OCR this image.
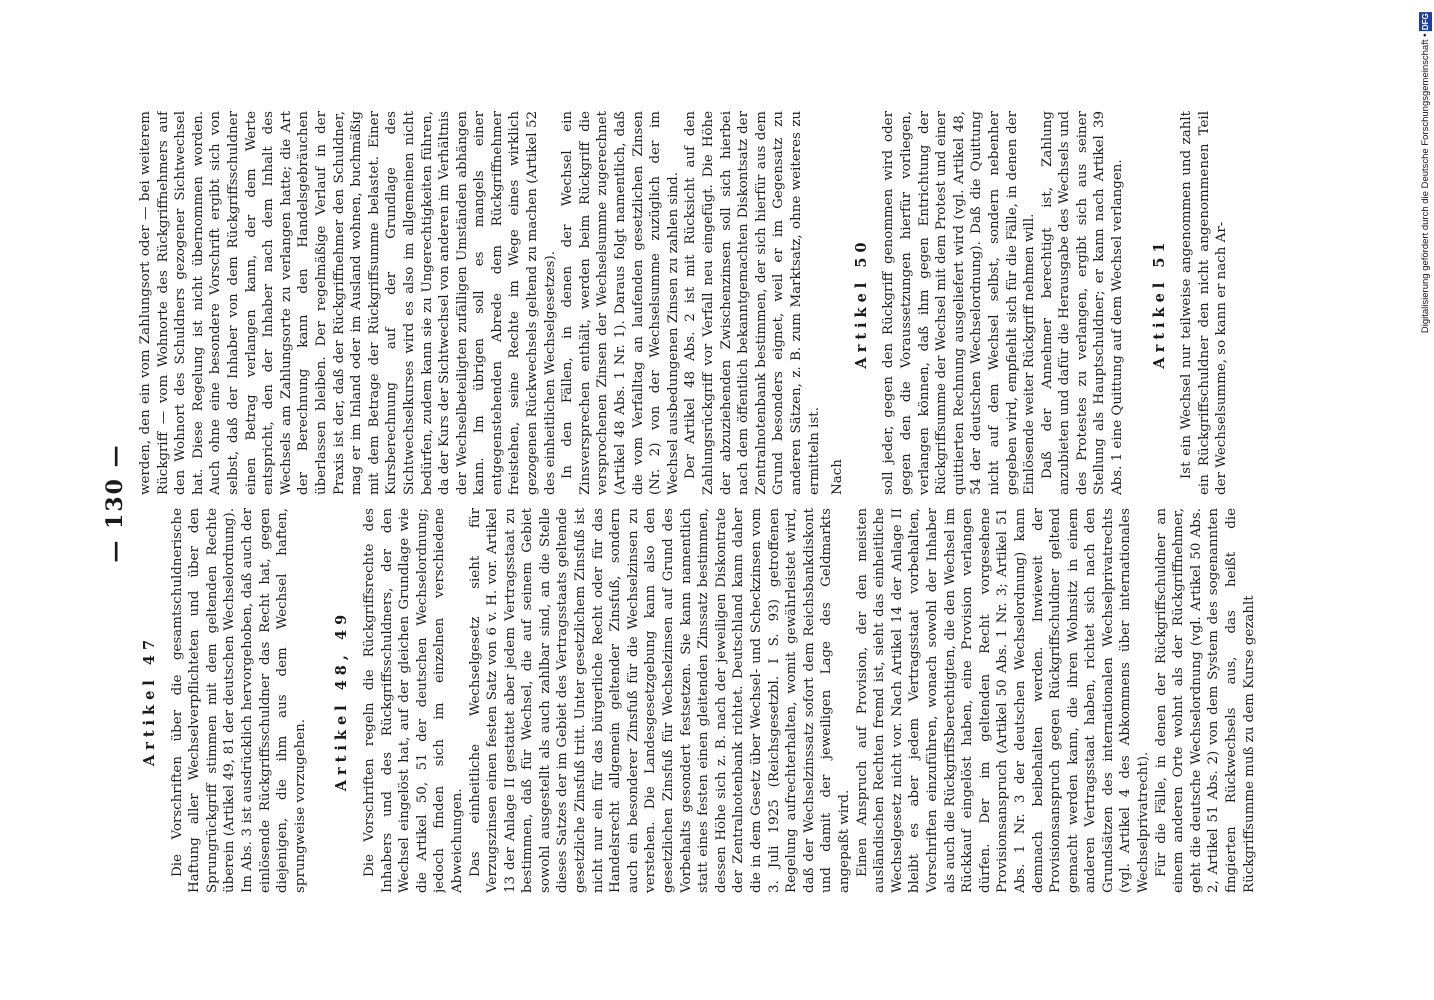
— 130 —
Artikel 47 Die Vorschriften über die gesamtschuldnerische Haftung aller Wechselverpflichteten und über den Sprungrückgriff stimmen mit dem geltenden Rechte überein (Artikel 49, 81 der deutschen Wechselordnung). Im Abs. 3 ist ausdrücklich hervorgehoben, daß auch der einlösende Rückgriffsschuldner das Recht hat, gegen diejenigen, die ihm aus dem Wechsel haften, sprungweise vorzugehen.

Artikel 48, 49 Die Vorschriften regeln die Rückgriffsrechte des Inhabers und des Rückgriffsschuldners, der den Wechsel eingelöst hat, auf der gleichen Grundlage wie die Artikel 50, 51 der deutschen Wechselordnung; jedoch finden sich im einzelnen verschiedene Abweichungen. Das einheitliche Wechselgesetz sieht für Verzugszinsen einen festen Satz von 6 v. H. vor. Artikel 13 der Anlage II gestattet aber jedem Vertragsstaat zu bestimmen, daß für Wechsel, die auf seinem Gebiet sowohl ausgestellt als auch zahlbar sind, an die Stelle dieses Satzes der im Gebiet des Vertragsstaats geltende gesetzliche Zinsfuß tritt. Unter gesetzlichem Zinsfuß ist nicht nur ein für das bürgerliche Recht oder für das Handelsrecht allgemein geltender Zinsfuß, sondern auch ein besonderer Zinsfuß für die Wechselzinsen zu verstehen. Die Landesgesetzgebung kann also den gesetzlichen Zinsfuß für Wechselzinsen auf Grund des Vorbehalts gesondert festsetzen. Sie kann namentlich statt eines festen einen gleitenden Zinssatz bestimmen, dessen Höhe sich z. B. nach der jeweiligen Diskontrate der Zentralnotenbank richtet. Deutschland kann daher die in dem Gesetz über Wechsel- und Scheckzinsen vom 3. Juli 1925 (Reichsgesetzbl. I S. 93) getroffenen Regelung aufrechterhalten, womit gewährleistet wird, daß der Wechselzinssatz sofort dem Reichsbankdiskont und damit der jeweiligen Lage des Geldmarkts angepaßt wird. Einen Anspruch auf Provision, der den meisten ausländischen Rechten fremd ist, sieht das einheitliche Wechselgesetz nicht vor. Nach Artikel 14 der Anlage II bleibt es aber jedem Vertragsstaat vorbehalten, Vorschriften einzuführen, wonach sowohl der Inhaber als auch die Rückgriffsberechtigten, die den Wechsel im Rückkauf eingelöst haben, eine Provision verlangen dürfen. Der im geltenden Recht vorgesehene Provisionsanspruch (Artikel 50 Abs. 1 Nr. 3; Artikel 51 Abs. 1 Nr. 3 der deutschen Wechselordnung) kann demnach beibehalten werden. Inwieweit der Provisionsanspruch gegen Rückgriffschuldner geltend gemacht werden kann, die ihren Wohnsitz in einem anderen Vertragsstaat haben, richtet sich nach den Grundsätzen des internationalen Wechselprivatrechts (vgl. Artikel 4 des Abkommens über internationales Wechselprivatrecht). Für die Fälle, in denen der Rückgriffschuldner an einem anderen Orte wohnt als der Rückgriffnehmer, geht die deutsche Wechselordnung (vgl. Artikel 50 Abs. 2, Artikel 51 Abs. 2) von dem System des sogenannten fingierten Rückwechsels aus, das heißt die Rückgriffsumme muß zu dem Kurse gezahlt

werden, den ein vom Zahlungsort oder — bei weiterem Rückgriff — vom Wohnorte des Rückgriffnehmers auf den Wohnort des Schuldners gezogener Sichtwechsel hat. Diese Regelung ist nicht übernommen worden. Auch ohne eine besondere Vorschrift ergibt sich von selbst, daß der Inhaber von dem Rückgriffsschuldner einen Betrag verlangen kann, der dem Werte entspricht, den der Inhaber nach dem Inhalt des Wechsels am Zahlungsorte zu verlangen hatte; die Art der Berechnung kann den Handelsgebräuchen überlassen bleiben. Der regelmäßige Verlauf in der Praxis ist der, daß der Rückgriffnehmer den Schuldner, mag er im Inland oder im Ausland wohnen, buchmäßig mit dem Betrage der Rückgriffsumme belastet. Einer Kursberechnung auf der Grundlage des Sichtwechselkurses wird es also im allgemeinen nicht bedürfen, zudem kann sie zu Ungerechtigkeiten führen, da der Kurs der Sichtwechsel von anderen im Verhältnis der Wechselbeteiligten zufälligen Umständen abhängen kann. Im übrigen soll es mangels einer entgegenstehenden Abrede dem Rückgriffnehmer freistehen, seine Rechte im Wege eines wirklich gezogenen Rückwechsels geltend zu machen (Artikel 52 des einheitlichen Wechselgesetzes). In den Fällen, in denen der Wechsel ein Zinsversprechen enthält, werden beim Rückgriff die versprochenen Zinsen der Wechselsumme zugerechnet (Artikel 48 Abs. 1 Nr. 1). Daraus folgt namentlich, daß die vom Verfalltag an laufenden gesetzlichen Zinsen (Nr. 2) von der Wechselsumme zuzüglich der im Wechsel ausbedungenen Zinsen zu zahlen sind. Der Artikel 48 Abs. 2 ist mit Rücksicht auf den Zahlungsrückgriff vor Verfall neu eingefügt. Die Höhe der abzuziehenden Zwischenzinsen soll sich hierbei nach dem öffentlich bekanntgemachten Diskontsatz der Zentralnotenbank bestimmen, der sich hierfür aus dem Grund besonders eignet, weil er im Gegensatz zu anderen Sätzen, z. B. zum Marktsatz, ohne weiteres zu ermitteln ist. Nach
Artikel 50 soll jeder, gegen den Rückgriff genommen wird oder gegen den die Voraussetzungen hierfür vorliegen, verlangen können, daß ihm gegen Entrichtung der Rückgriffsumme der Wechsel mit dem Protest und einer quittierten Rechnung ausgeliefert wird (vgl. Artikel 48, 54 der deutschen Wechselordnung). Daß die Quittung nicht auf dem Wechsel selbst, sondern nebenher gegeben wird, empfiehlt sich für die Fälle, in denen der Einlösende weiter Rückgriff nehmen will. Daß der Annehmer berechtigt ist, Zahlung anzubieten und dafür die Herausgabe des Wechsels und des Protestes zu verlangen, ergibt sich aus seiner Stellung als Hauptschuldner; er kann nach Artikel 39 Abs. 1 eine Quittung auf dem Wechsel verlangen. Artikel 51 Ist ein Wechsel nur teilweise angenommen und zahlt ein Rückgriffschuldner den nicht angenommenen Teil der Wechselsumme, so kann er nach Ar-

Digitalisierung gefördert durch die Deutsche Forschungsgemeinschaft • DFG
